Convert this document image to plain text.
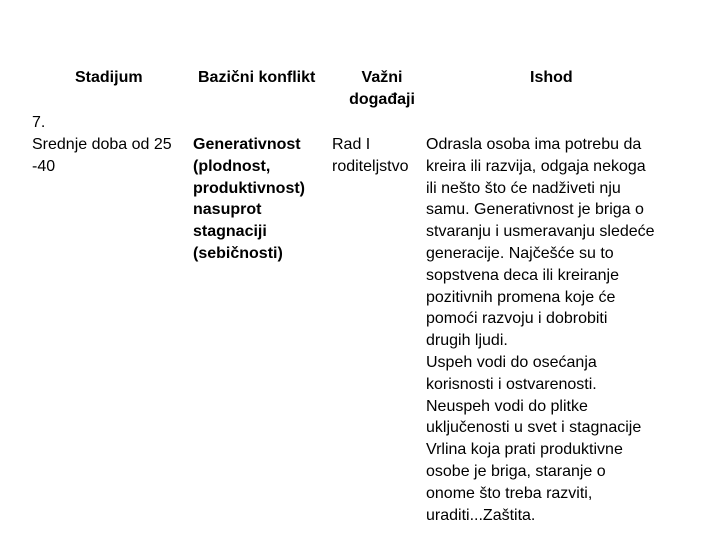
Stadijum	Bazični konflikt	Važni
događaji
Ishod
7.
Srednje doba od 25
-40
Generativnost
(plodnost,
produktivnost)
nasuprot
stagnaciji
(sebičnosti)
Rad I
roditeljstvo
Odrasla osoba ima potrebu da
kreira ili razvija, odgaja nekoga
ili nešto što će nadživeti nju
samu. Generativnost je briga o
stvaranju i usmeravanju sledeće
generacije. Najčešće su to
sopstvena deca ili kreiranje
pozitivnih promena koje će
pomoći razvoju i dobrobiti
drugih ljudi.
Uspeh vodi do osećanja
korisnosti i ostvarenosti.
Neuspeh vodi do plitke
uključenosti u svet i stagnacije
Vrlina koja prati produktivne
osobe je briga, staranje o
onome što treba razviti,
uraditi...Zaštita.
